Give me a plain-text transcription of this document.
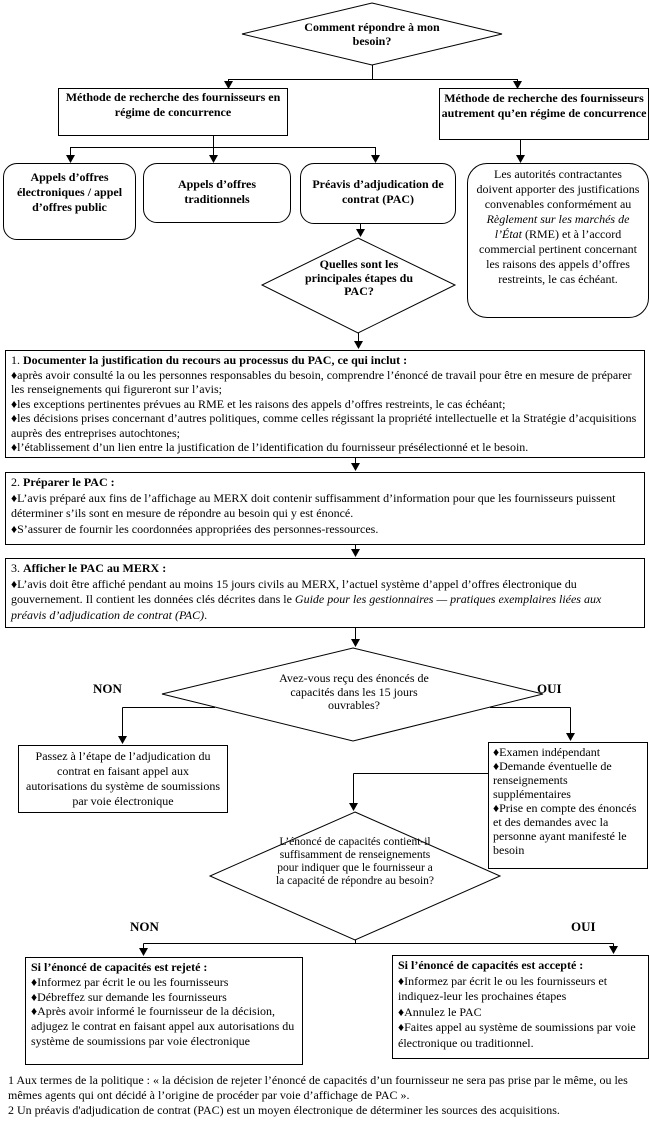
Comment répondre à mon besoin?
Quelles sont les principales étapes du PAC?
Avez-vous reçu des énoncés de capacités dans les 15 jours ouvrables?
L’énoncé de capacités contient-il suffisamment de renseignements pour indiquer que le fournisseur a la capacité de répondre au besoin?
NON	OUI
NON	OUI
Méthode de recherche des fournisseurs en régime de concurrence
Méthode de recherche des fournisseurs autrement qu’en régime de concurrence
Appels d’offres électroniques / appel d’offres public
Appels d’offres traditionnels
Préavis d’adjudication de contrat (PAC)
Les autorités contractantes doivent apporter des justifications convenables conformément au Règlement sur les marchés de l’État (RME) et à l’accord commercial pertinent concernant les raisons des appels d’offres restreints, le cas échéant.
1. Documenter la justification du recours au processus du PAC, ce qui inclut :
♦après avoir consulté la ou les personnes responsables du besoin, comprendre l’énoncé de travail pour être en mesure de préparer les renseignements qui figureront sur l’avis;
♦les exceptions pertinentes prévues au RME et les raisons des appels d’offres restreints, le cas échéant;
♦les décisions prises concernant d’autres politiques, comme celles régissant la propriété intellectuelle et la Stratégie d’acquisitions auprès des entreprises autochtones;
♦l’établissement d’un lien entre la justification de l’identification du fournisseur présélectionné et le besoin.
2. Préparer le PAC :
♦L’avis préparé aux fins de l’affichage au MERX doit contenir suffisamment d’information pour que les fournisseurs puissent déterminer s’ils sont en mesure de répondre au besoin qui y est énoncé.
♦S’assurer de fournir les coordonnées appropriées des personnes-ressources.
3. Afficher le PAC au MERX :
♦L’avis doit être affiché pendant au moins 15 jours civils au MERX, l’actuel système d’appel d’offres électronique du gouvernement. Il contient les données clés décrites dans le Guide pour les gestionnaires — pratiques exemplaires liées aux préavis d’adjudication de contrat (PAC).
Passez à l’étape de l’adjudication du contrat en faisant appel aux autorisations du système de soumissions par voie électronique
♦Examen indépendant
♦Demande éventuelle de renseignements supplémentaires
♦Prise en compte des énoncés et des demandes avec la personne ayant manifesté le besoin
Si l’énoncé de capacités est rejeté :
♦Informez par écrit le ou les fournisseurs
♦Débreffez sur demande les fournisseurs
♦Après avoir informé le fournisseur de la décision, adjugez le contrat en faisant appel aux autorisations du système de soumissions par voie électronique
Si l’énoncé de capacités est accepté :
♦Informez par écrit le ou les fournisseurs et indiquez-leur les prochaines étapes
♦Annulez le PAC
♦Faites appel au système de soumissions par voie électronique ou traditionnel.
1 Aux termes de la politique : « la décision de rejeter l’énoncé de capacités d’un fournisseur ne sera pas prise par le même, ou les mêmes agents qui ont décidé à l’origine de procéder par voie d’affichage de PAC ».
2 Un préavis d'adjudication de contrat (PAC) est un moyen électronique de déterminer les sources des acquisitions.
